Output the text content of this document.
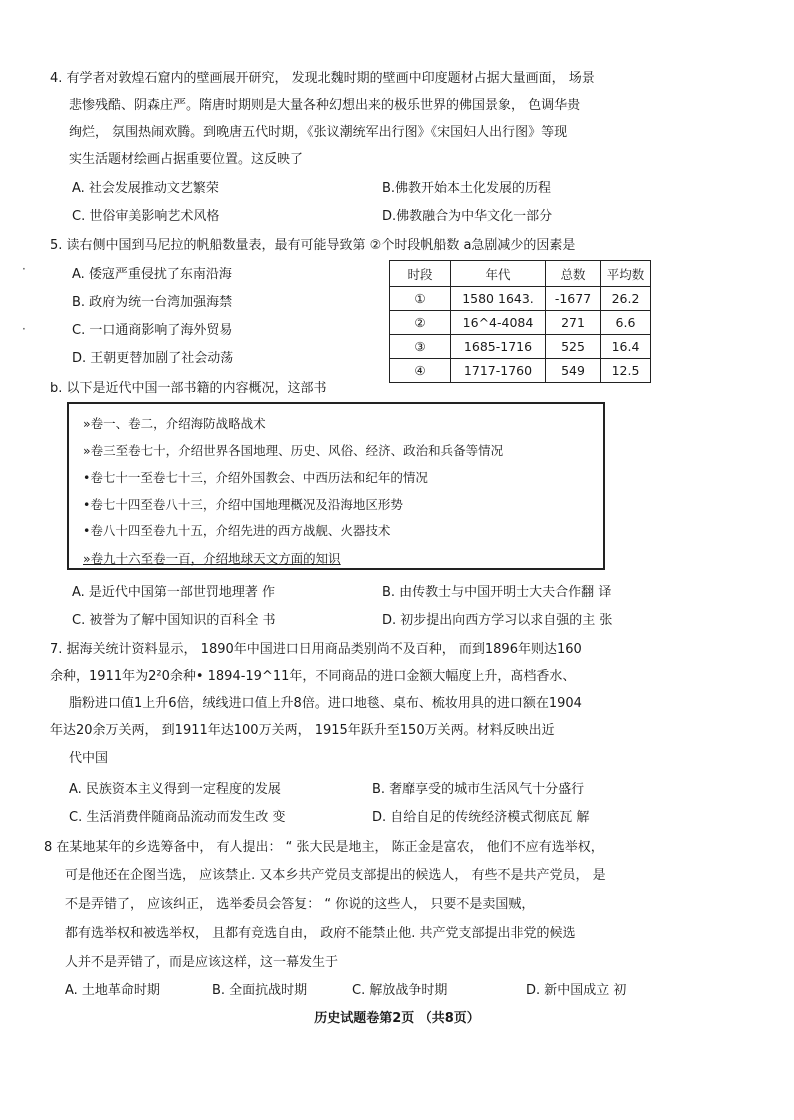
4. 有学者对敦煌石窟内的壁画展开研究， 发现北魏时期的壁画中印度题材占据大量画面， 场景
悲惨残酷、阴森庄严。隋唐时期则是大量各种幻想出来的极乐世界的佛国景象， 色调华贵
绚烂， 氛围热闹欢腾。到晚唐五代时期，《张议潮统军出行图》《宋国妇人出行图》等现
实生活题材绘画占据重要位置。这反映了
A. 社会发展推动文艺繁荣	B.佛教开始本土化发展的历程
C. 世俗审美影响艺术风格	D.佛教融合为中华文化一部分
5. 读右侧中国到马尼拉的帆船数量表，最有可能导致第 ②个时段帆船数 a急剧减少的因素是
A. 倭寇严重侵扰了东南沿海
B. 政府为统一台湾加强海禁
C. 一口通商影响了海外贸易
D. 王朝更替加剧了社会动荡
时段	年代	总数	平均数
①	1580 1643.	-1677	26.2
②	16^4-4084	271	6.6
③	1685-1716	525	16.4
④	1717-1760	549	12.5
b. 以下是近代中国一部书籍的内容概况，这部书
»卷一、卷二，介绍海防战略战术
»卷三至卷七十，介绍世界各国地理、历史、风俗、经济、政治和兵备等情况
•卷七十一至卷七十三，介绍外国教会、中西历法和纪年的情况
•卷七十四至卷八十三，介绍中国地理概况及沿海地区形势
•卷八十四至卷九十五，介绍先进的西方战舰、火器技术
»卷九十六至卷一百，介绍地球天文方面的知识
A. 是近代中国第一部世罚地理著 作	B. 由传教士与中国开明士大夫合作翻 译
C. 被誉为了解中国知识的百科全 书	D. 初步提出向西方学习以求自强的主 张
7. 据海关统计资料显示， 1890年中国进口日用商品类别尚不及百种， 而到1896年则达160
余种，1911年为2²0余种• 1894-19^11年，不同商品的进口金额大幅度上升，髙档香水、
脂粉进口值1上升6倍，绒线进口值上升8倍。进口地毯、桌布、梳妆用具的进口额在1904
年达20余万关两， 到1911年达100万关两， 1915年跃升至150万关两。材料反映出近
代中国
A. 民族资本主义得到一定程度的发展	B. 奢靡享受的城市生活风气十分盛行
C. 生活消费伴随商品流动而发生改 变	D. 自给自足的传统经济模式彻底瓦 解
8 在某地某年的乡选筹备中， 有人提出： “ 张大民是地主， 陈正金是富农， 他们不应有选举权，
可是他还在企图当选， 应该禁止. 又本乡共产党员支部提出的候选人， 有些不是共产党员， 是
不是弄错了， 应该纠正， 选举委员会答复： “ 你说的这些人， 只要不是卖国贼，
都有选举权和被选举权， 且都有竞选自由， 政府不能禁止他. 共产党支部提出非党的候选
人并不是弄错了，而是应该这样，这一幕发生于
A. 土地革命时期	B. 全面抗战时期	C. 解放战争时期	D. 新中国成立 初
历史试题卷第2页 （共8页）
·
·
